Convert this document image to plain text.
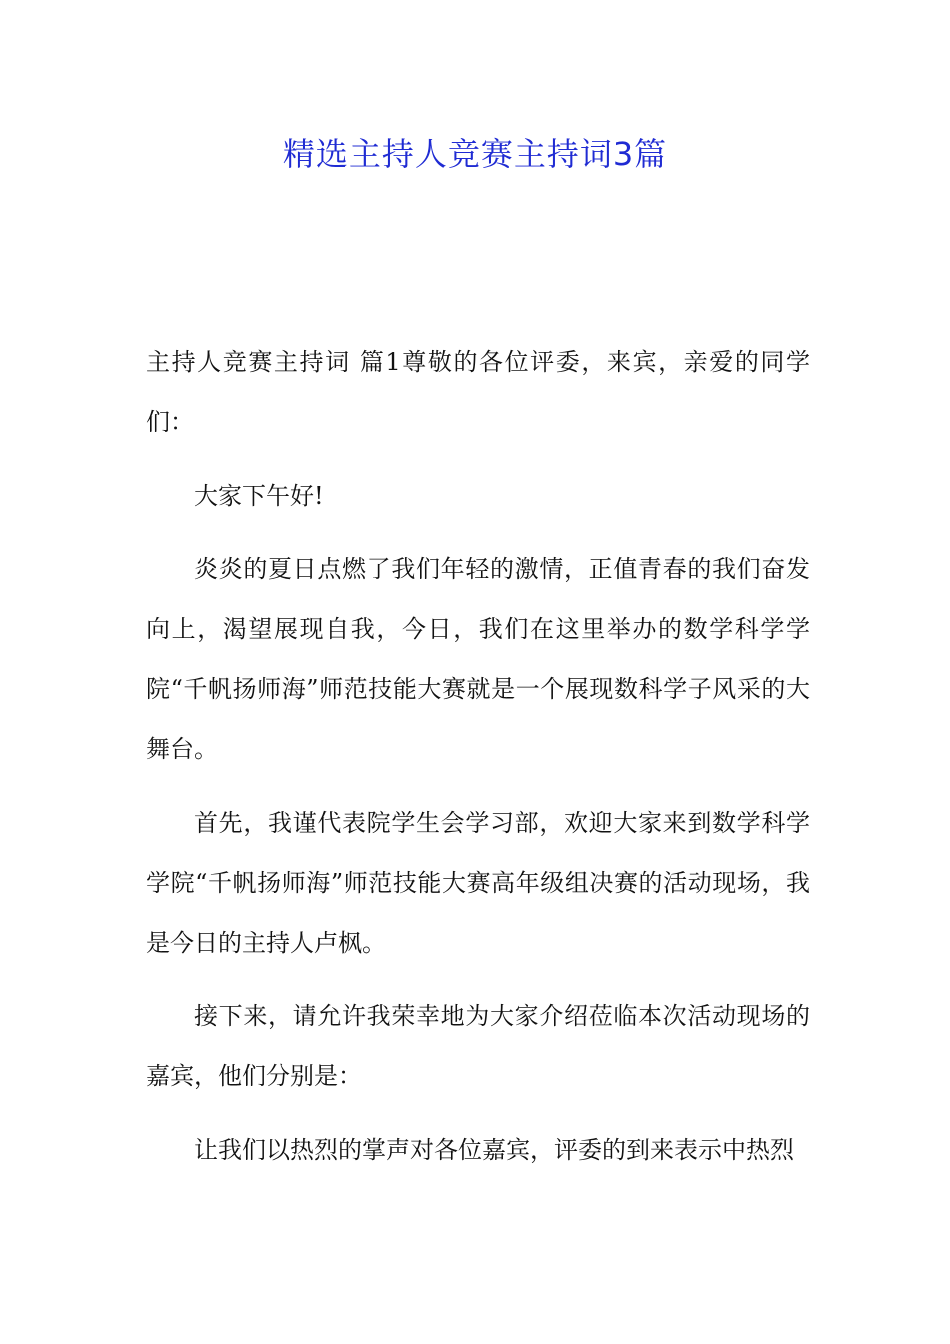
精选主持人竞赛主持词3篇

主持人竞赛主持词 篇1尊敬的各位评委，来宾，亲爱的同学们：

大家下午好!

炎炎的夏日点燃了我们年轻的激情，正值青春的我们奋发向上，渴望展现自我，今日，我们在这里举办的数学科学学院“千帆扬师海”师范技能大赛就是一个展现数科学子风采的大舞台。

首先，我谨代表院学生会学习部，欢迎大家来到数学科学学院“千帆扬师海”师范技能大赛高年级组决赛的活动现场，我是今日的主持人卢枫。

接下来，请允许我荣幸地为大家介绍莅临本次活动现场的嘉宾，他们分别是：

让我们以热烈的掌声对各位嘉宾，评委的到来表示中热烈
